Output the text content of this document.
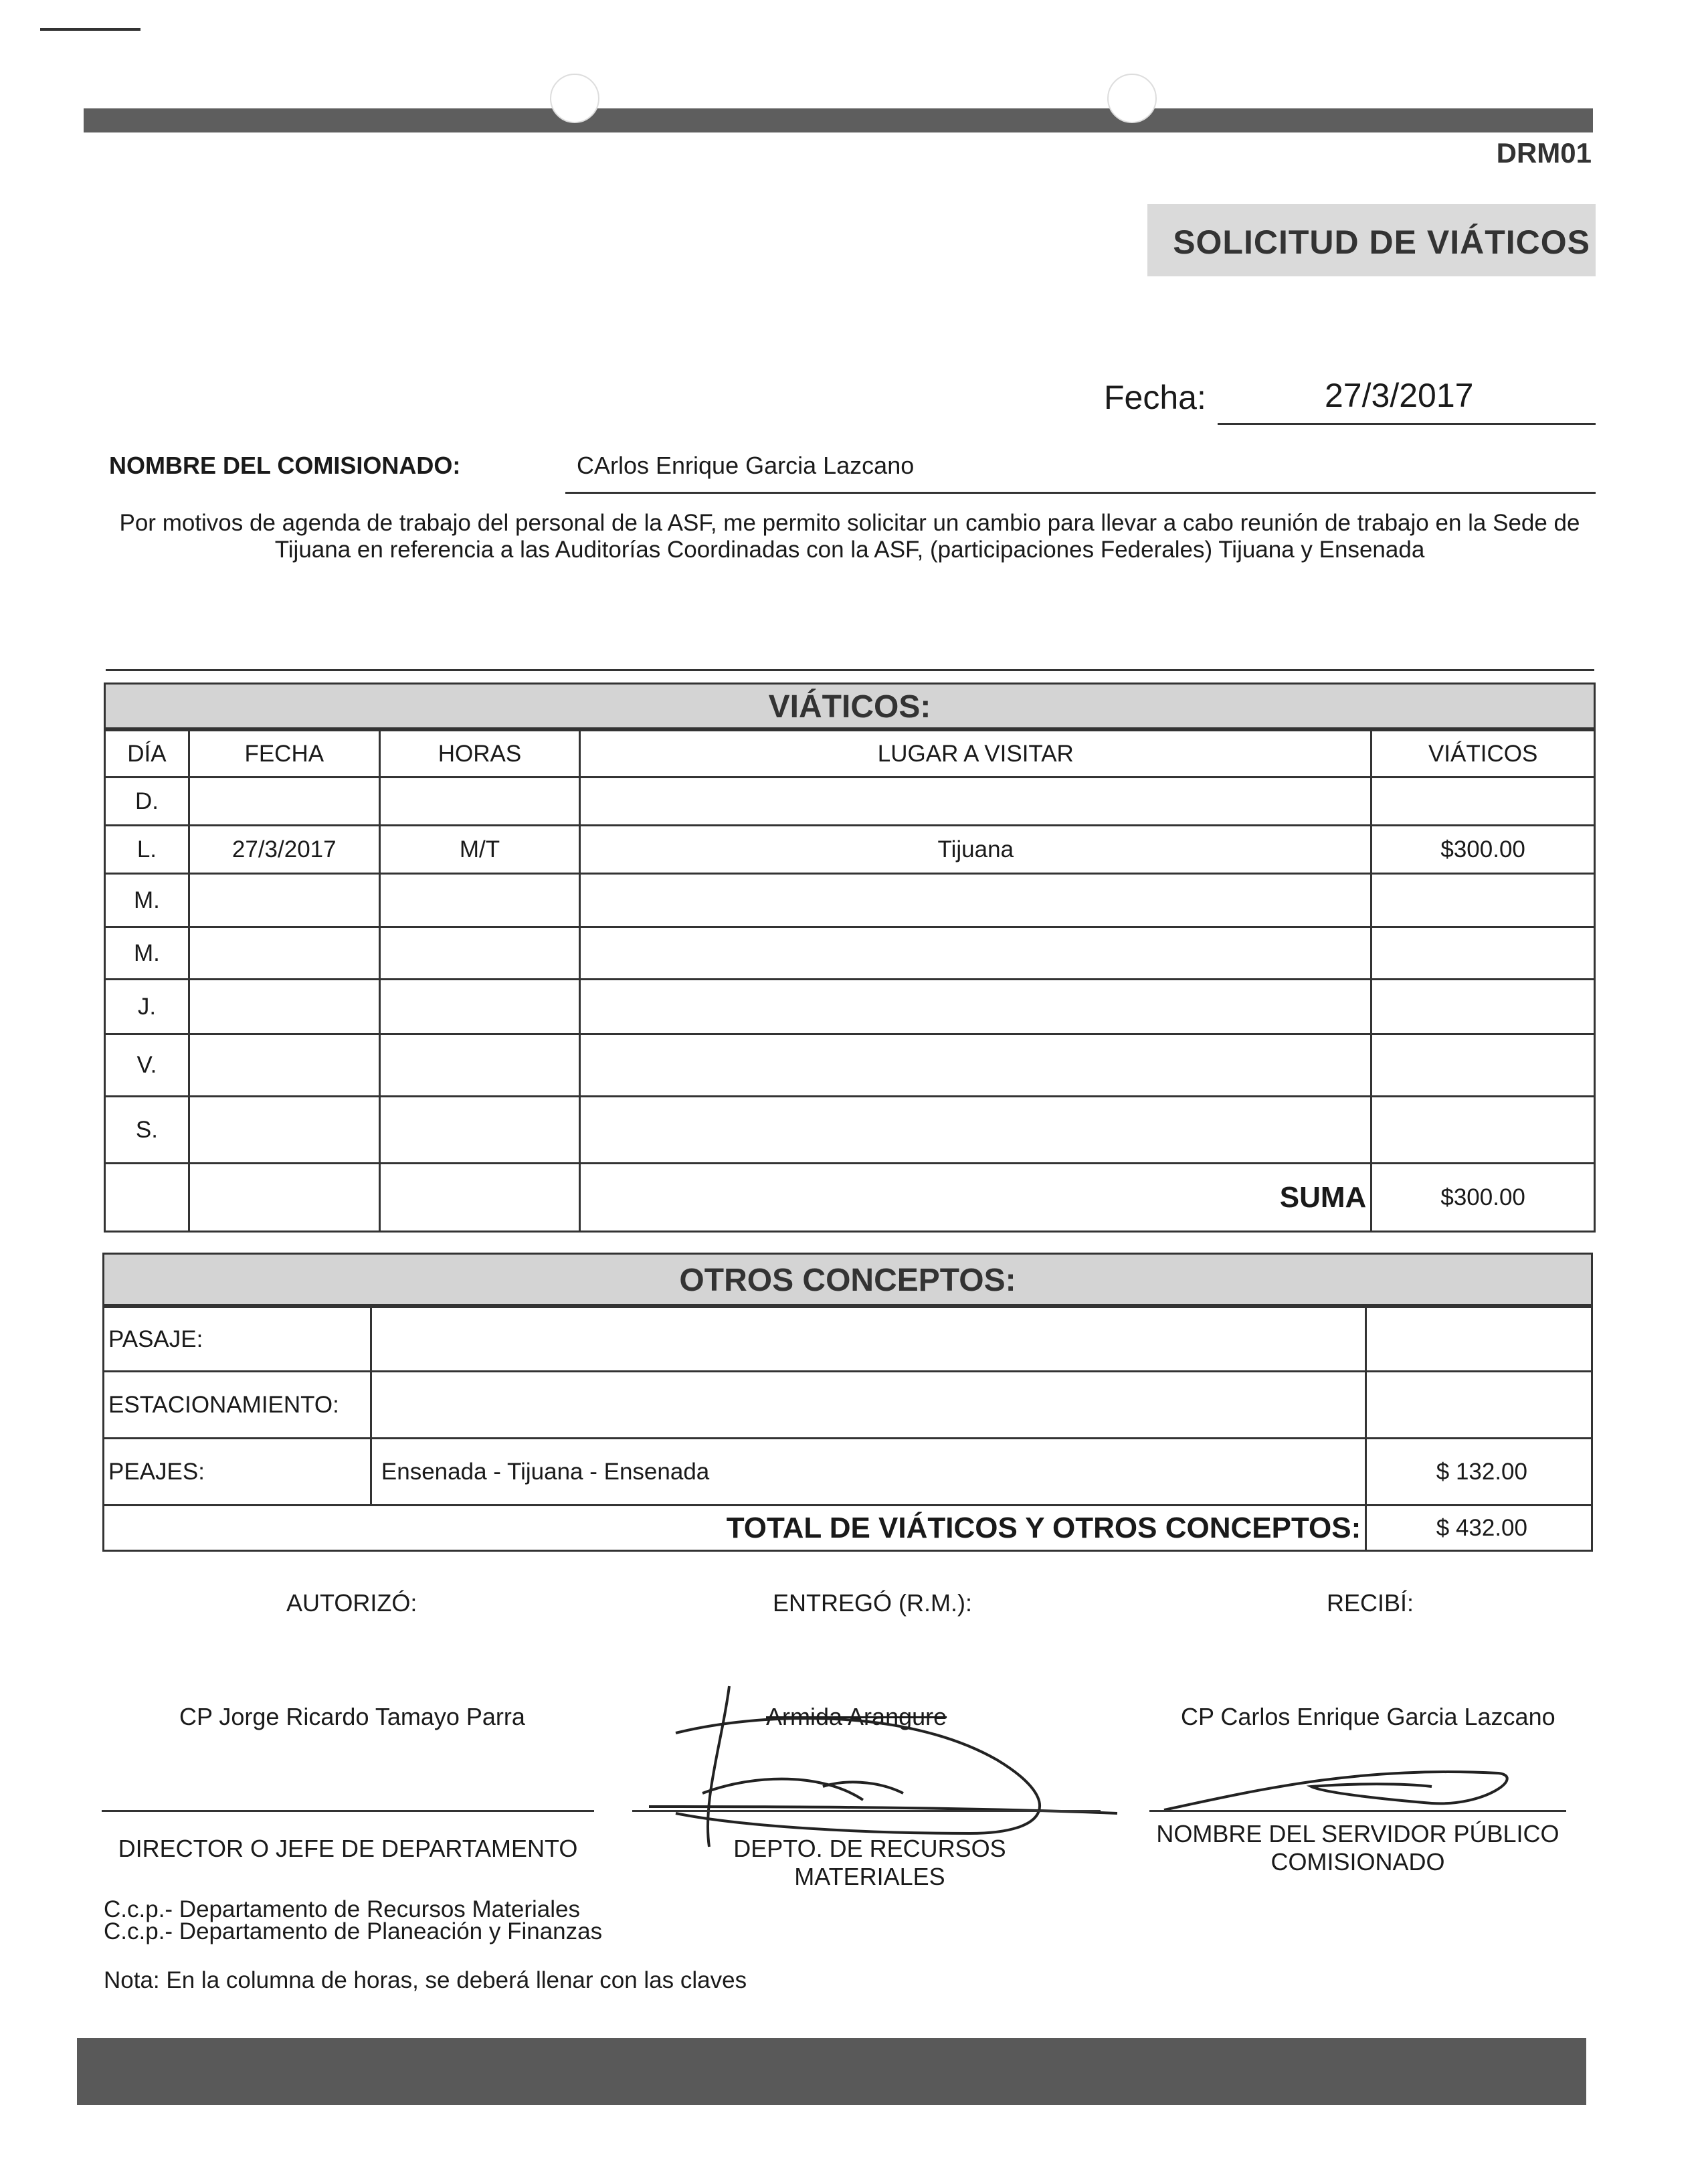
DRM01
SOLICITUD DE VIÁTICOS
Fecha:	27/3/2017
NOMBRE DEL COMISIONADO:	CArlos Enrique Garcia Lazcano
Por motivos de agenda de trabajo del personal de la ASF, me permito solicitar un cambio para llevar a cabo reunión de trabajo en la Sede de Tijuana en referencia a las Auditorías Coordinadas con la ASF, (participaciones Federales) Tijuana y Ensenada
VIÁTICOS:
DÍA	FECHA	HORAS	LUGAR A VISITAR	VIÁTICOS
D.				
L.	27/3/2017	M/T	Tijuana	$300.00
M.				
M.				
J.				
V.				
S.				
			SUMA	$300.00
OTROS CONCEPTOS:
PASAJE:		
ESTACIONAMIENTO:		
PEAJES:	Ensenada - Tijuana - Ensenada	$ 132.00
TOTAL DE VIÁTICOS Y OTROS CONCEPTOS:		$ 432.00
AUTORIZÓ:	ENTREGÓ (R.M.):	RECIBÍ:
CP Jorge Ricardo Tamayo Parra	Armida Arangure	CP Carlos Enrique Garcia Lazcano
DIRECTOR O JEFE DE DEPARTAMENTO	DEPTO. DE RECURSOS MATERIALES
NOMBRE DEL SERVIDOR PÚBLICO
COMISIONADO
C.c.p.- Departamento de Recursos Materiales
C.c.p.- Departamento de Planeación y Finanzas
Nota: En la columna de horas, se deberá llenar con las claves
